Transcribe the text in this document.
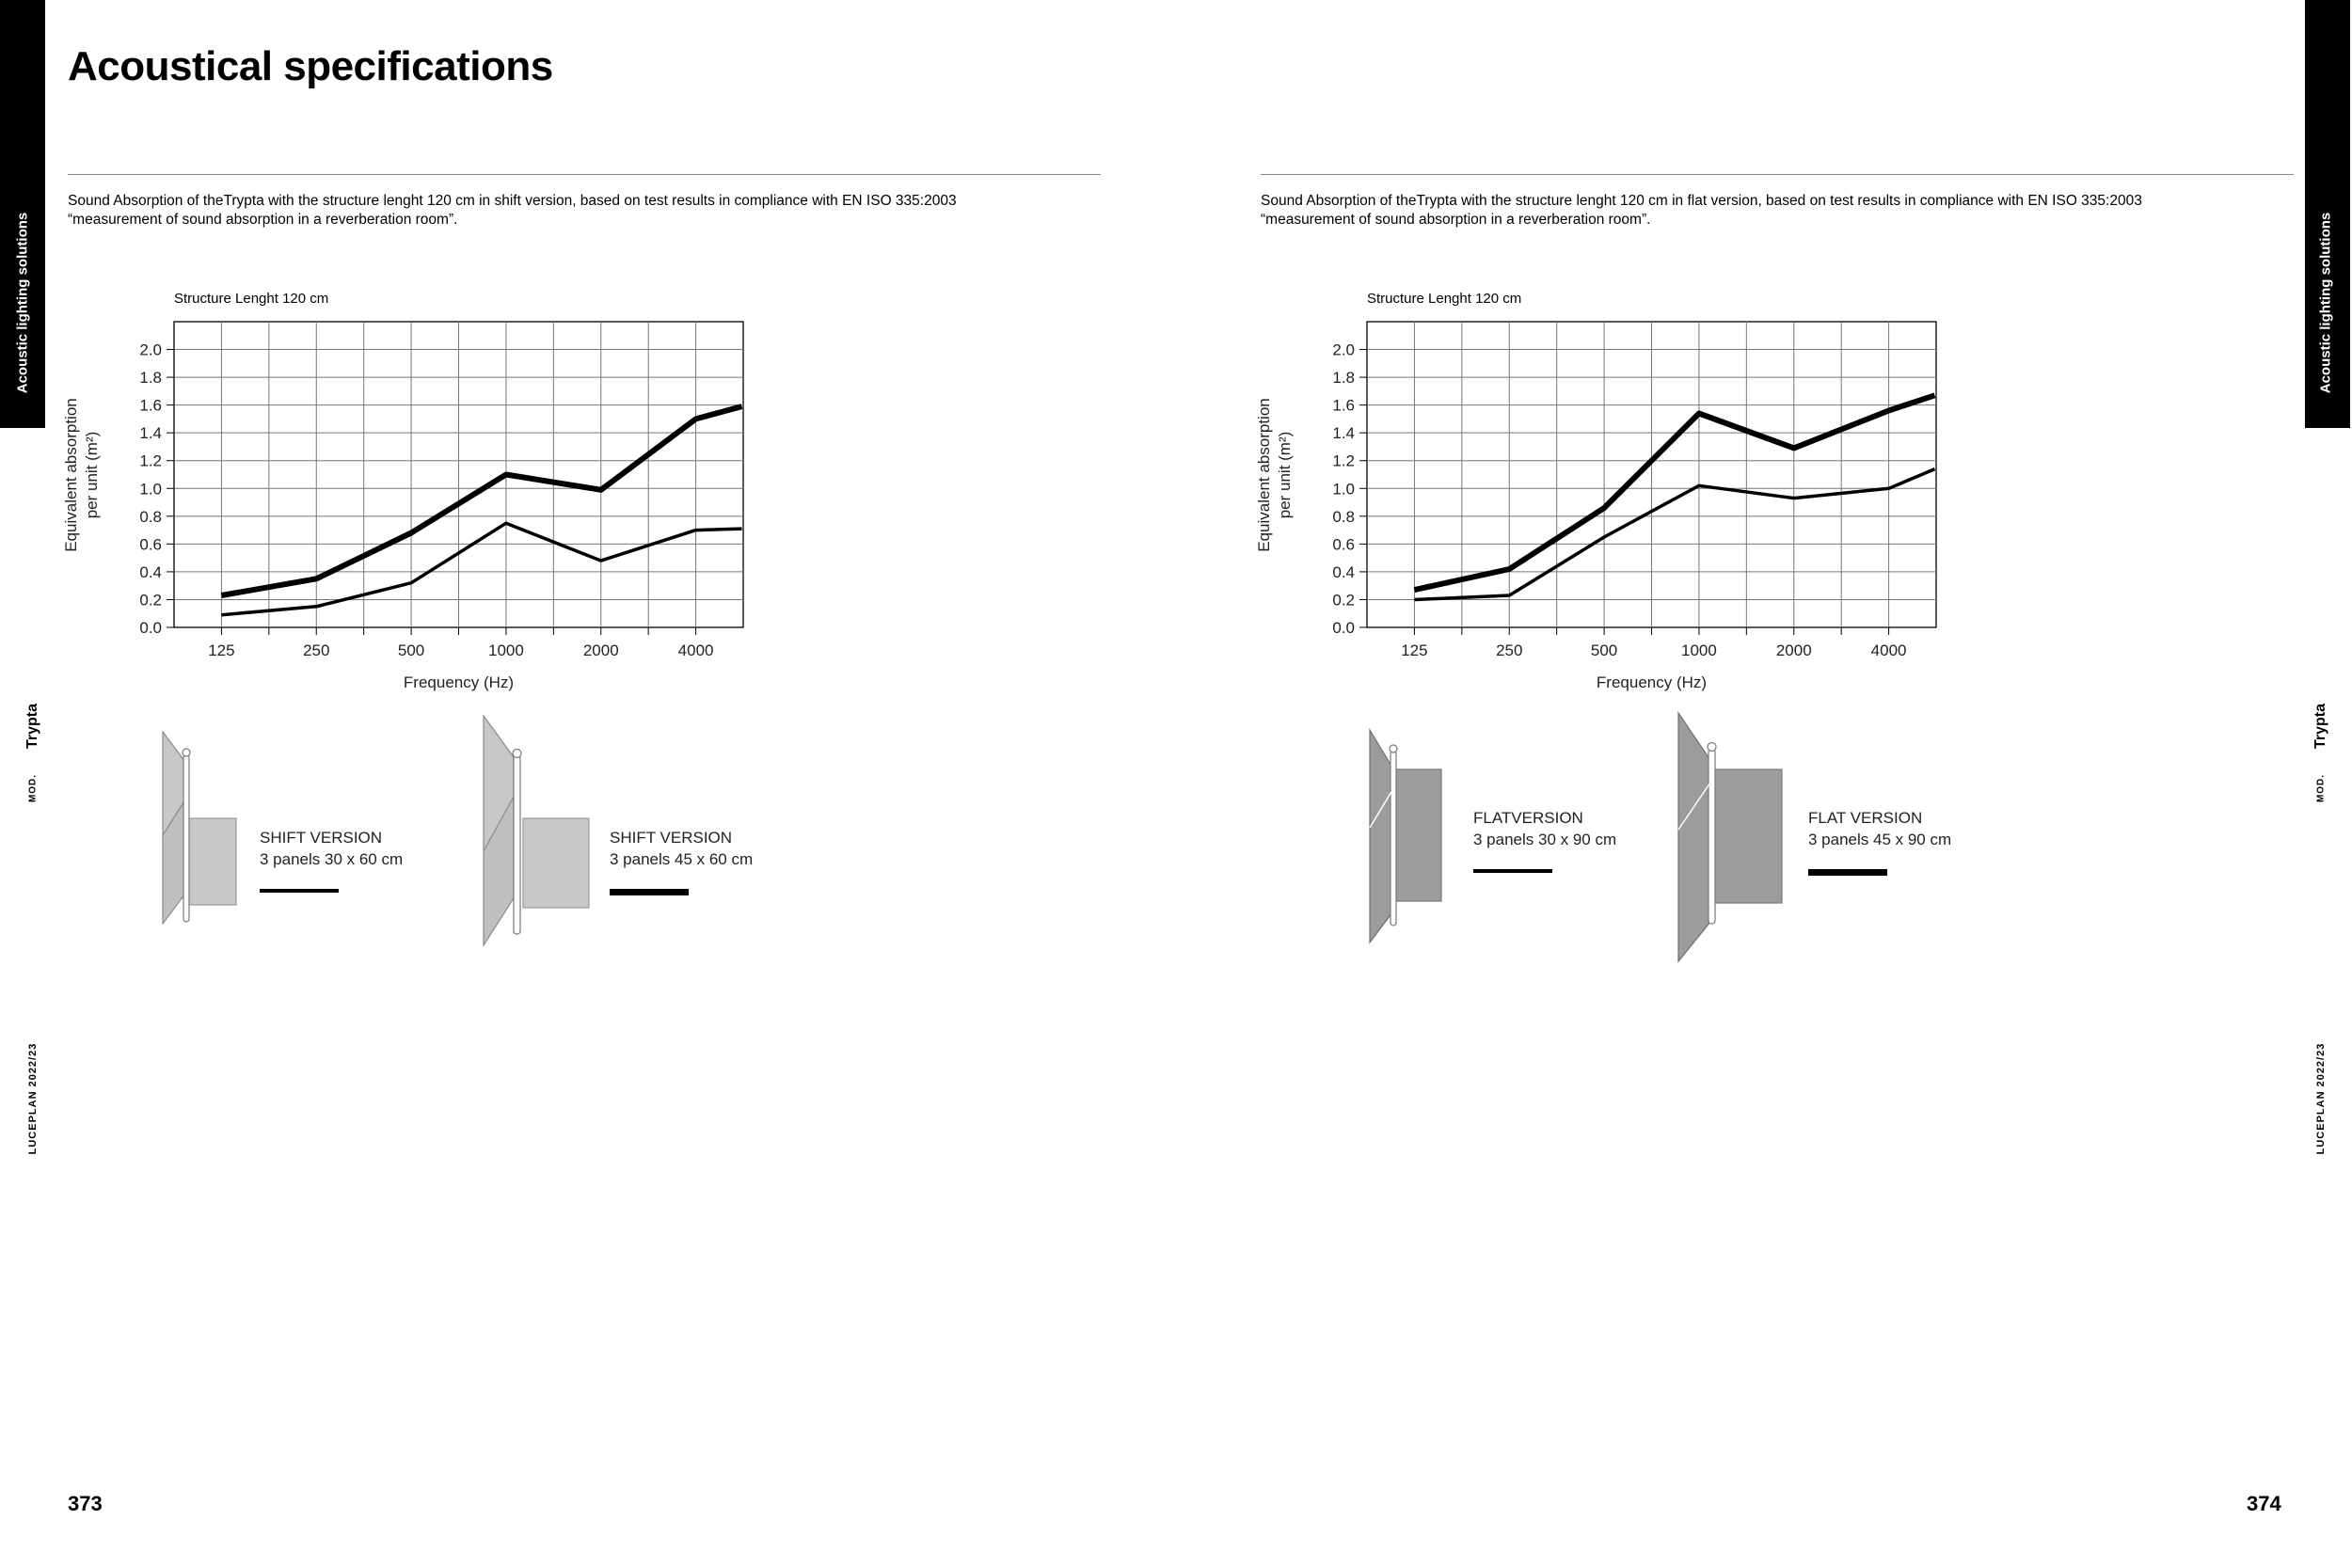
Acoustic lighting solutions
Trypta
MOD.
LUCEPLAN 2022/23
Acoustic lighting solutions
Trypta
MOD.
LUCEPLAN 2022/23
Acoustical specifications
Sound Absorption of theTrypta with the structure lenght 120 cm in shift version, based on test results in compliance with EN ISO 335:2003
“measurement of sound absorption in a reverberation room”.
Sound Absorption of theTrypta with the structure lenght 120 cm in flat version, based on test results in compliance with EN ISO 335:2003
“measurement of sound absorption in a reverberation room”.
0.0
0.2
0.4
0.6
0.8
1.0
1.2
1.4
1.6
1.8
2.0
125	250	500	1000	2000	4000
Structure Lenght 120 cm
Frequency (Hz)
Equivalent absorption per unit (m²)
0.0
0.2
0.4
0.6
0.8
1.0
1.2
1.4
1.6
1.8
2.0
125	250	500	1000	2000	4000
Structure Lenght 120 cm
Frequency (Hz)
Equivalent absorption per unit (m²)
SHIFT VERSION
3 panels 30 x 60 cm
SHIFT VERSION
3 panels 45 x 60 cm
FLATVERSION
3 panels 30 x 90 cm
FLAT VERSION
3 panels 45 x 90 cm
373	374
